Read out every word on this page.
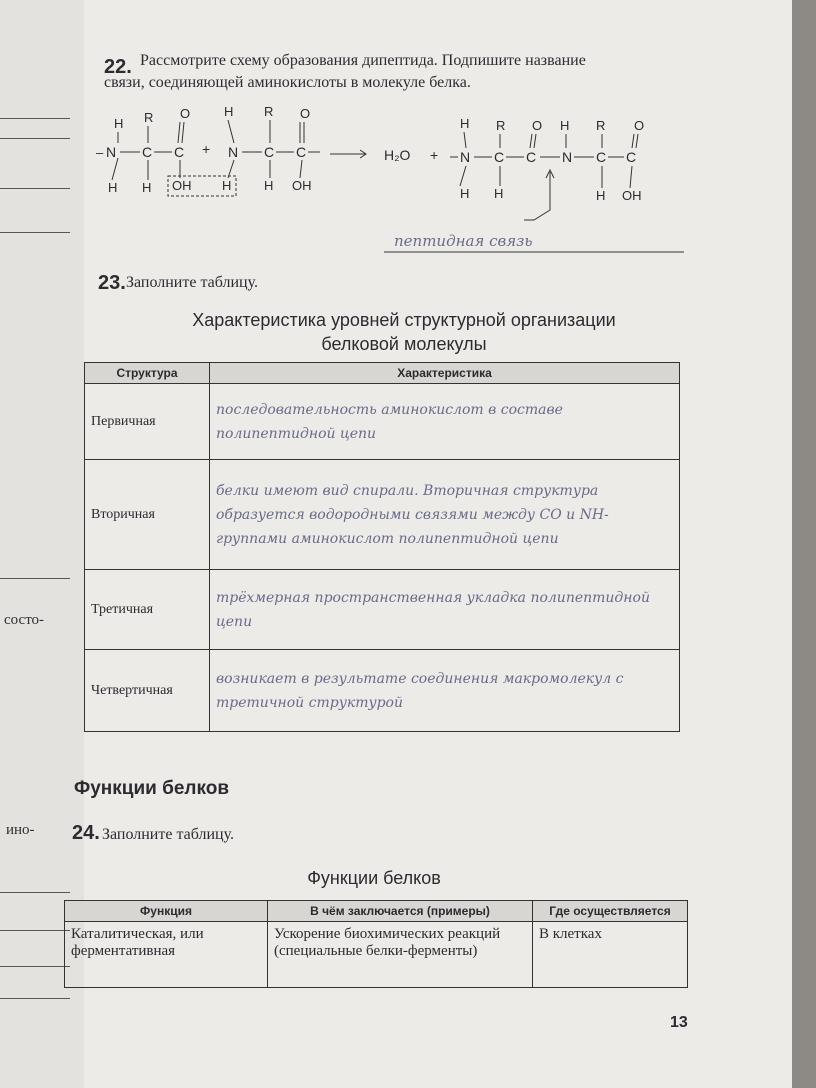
состо-
ино-
22. Рассмотрите схему образования дипептида. Подпишите название
связи, соединяющей аминокислоты в молекуле белка.
H R O
N C C
H H OH
–	+
H R O
N C C
H	H OH
H₂O +
H R O H R O
N C C N C C
H H	H OH
пептидная связь
23. Заполните таблицу.
Характеристика уровней структурной организации
белковой молекулы
Структура	Характеристика
Первичная	последовательность аминокислот в составе полипептидной цепи
Вторичная	белки имеют вид спирали. Вторичная структура образуется водородными связями между CO и NH-группами аминокислот полипептидной цепи
Третичная	трёхмерная пространственная укладка полипептидной цепи
Четвертичная	возникает в результате соединения макромолекул с третичной структурой
Функции белков
24. Заполните таблицу.
Функции белков
Функция	В чём заключается (примеры)	Где осуществляется
Каталитическая, или ферментативная	Ускорение биохимических реакций (специальные белки-ферменты)	В клетках
13
